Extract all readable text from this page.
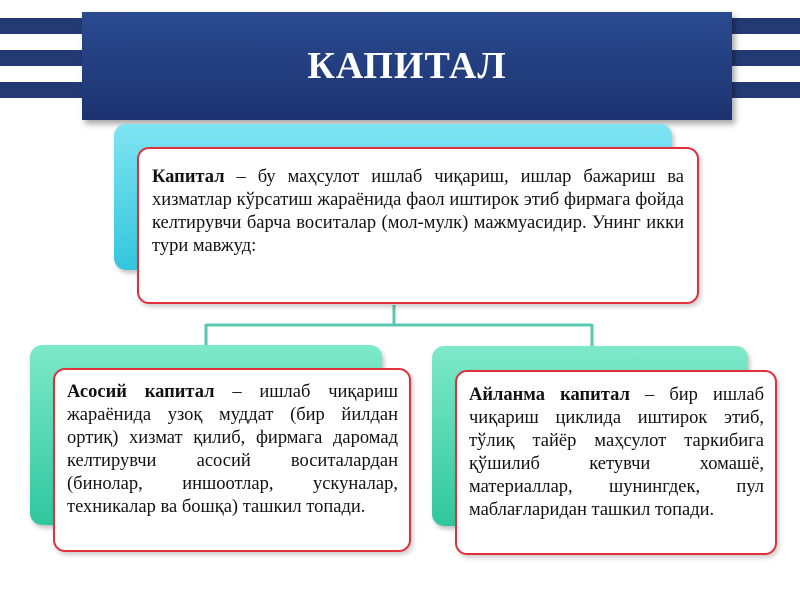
КАПИТАЛ

Капитал – бу маҳсулот ишлаб чиқариш, ишлар бажариш ва хизматлар кўрсатиш жараёнида фаол иштирок этиб фирмага фойда келтирувчи барча воситалар (мол-мулк) мажмуасидир. Унинг икки тури мавжуд:

Асосий капитал – ишлаб чиқариш жараёнида узоқ муддат (бир йилдан ортиқ) хизмат қилиб, фирмага даромад келтирувчи асосий воситалардан (бинолар, иншоотлар, ускуналар, техникалар ва бошқа) ташкил топади.

Айланма капитал – бир ишлаб чиқариш циклида иштирок этиб, тўлиқ тайёр маҳсулот таркибига қўшилиб кетувчи хомашё, материаллар, шунингдек, пул маблағларидан ташкил топади.
